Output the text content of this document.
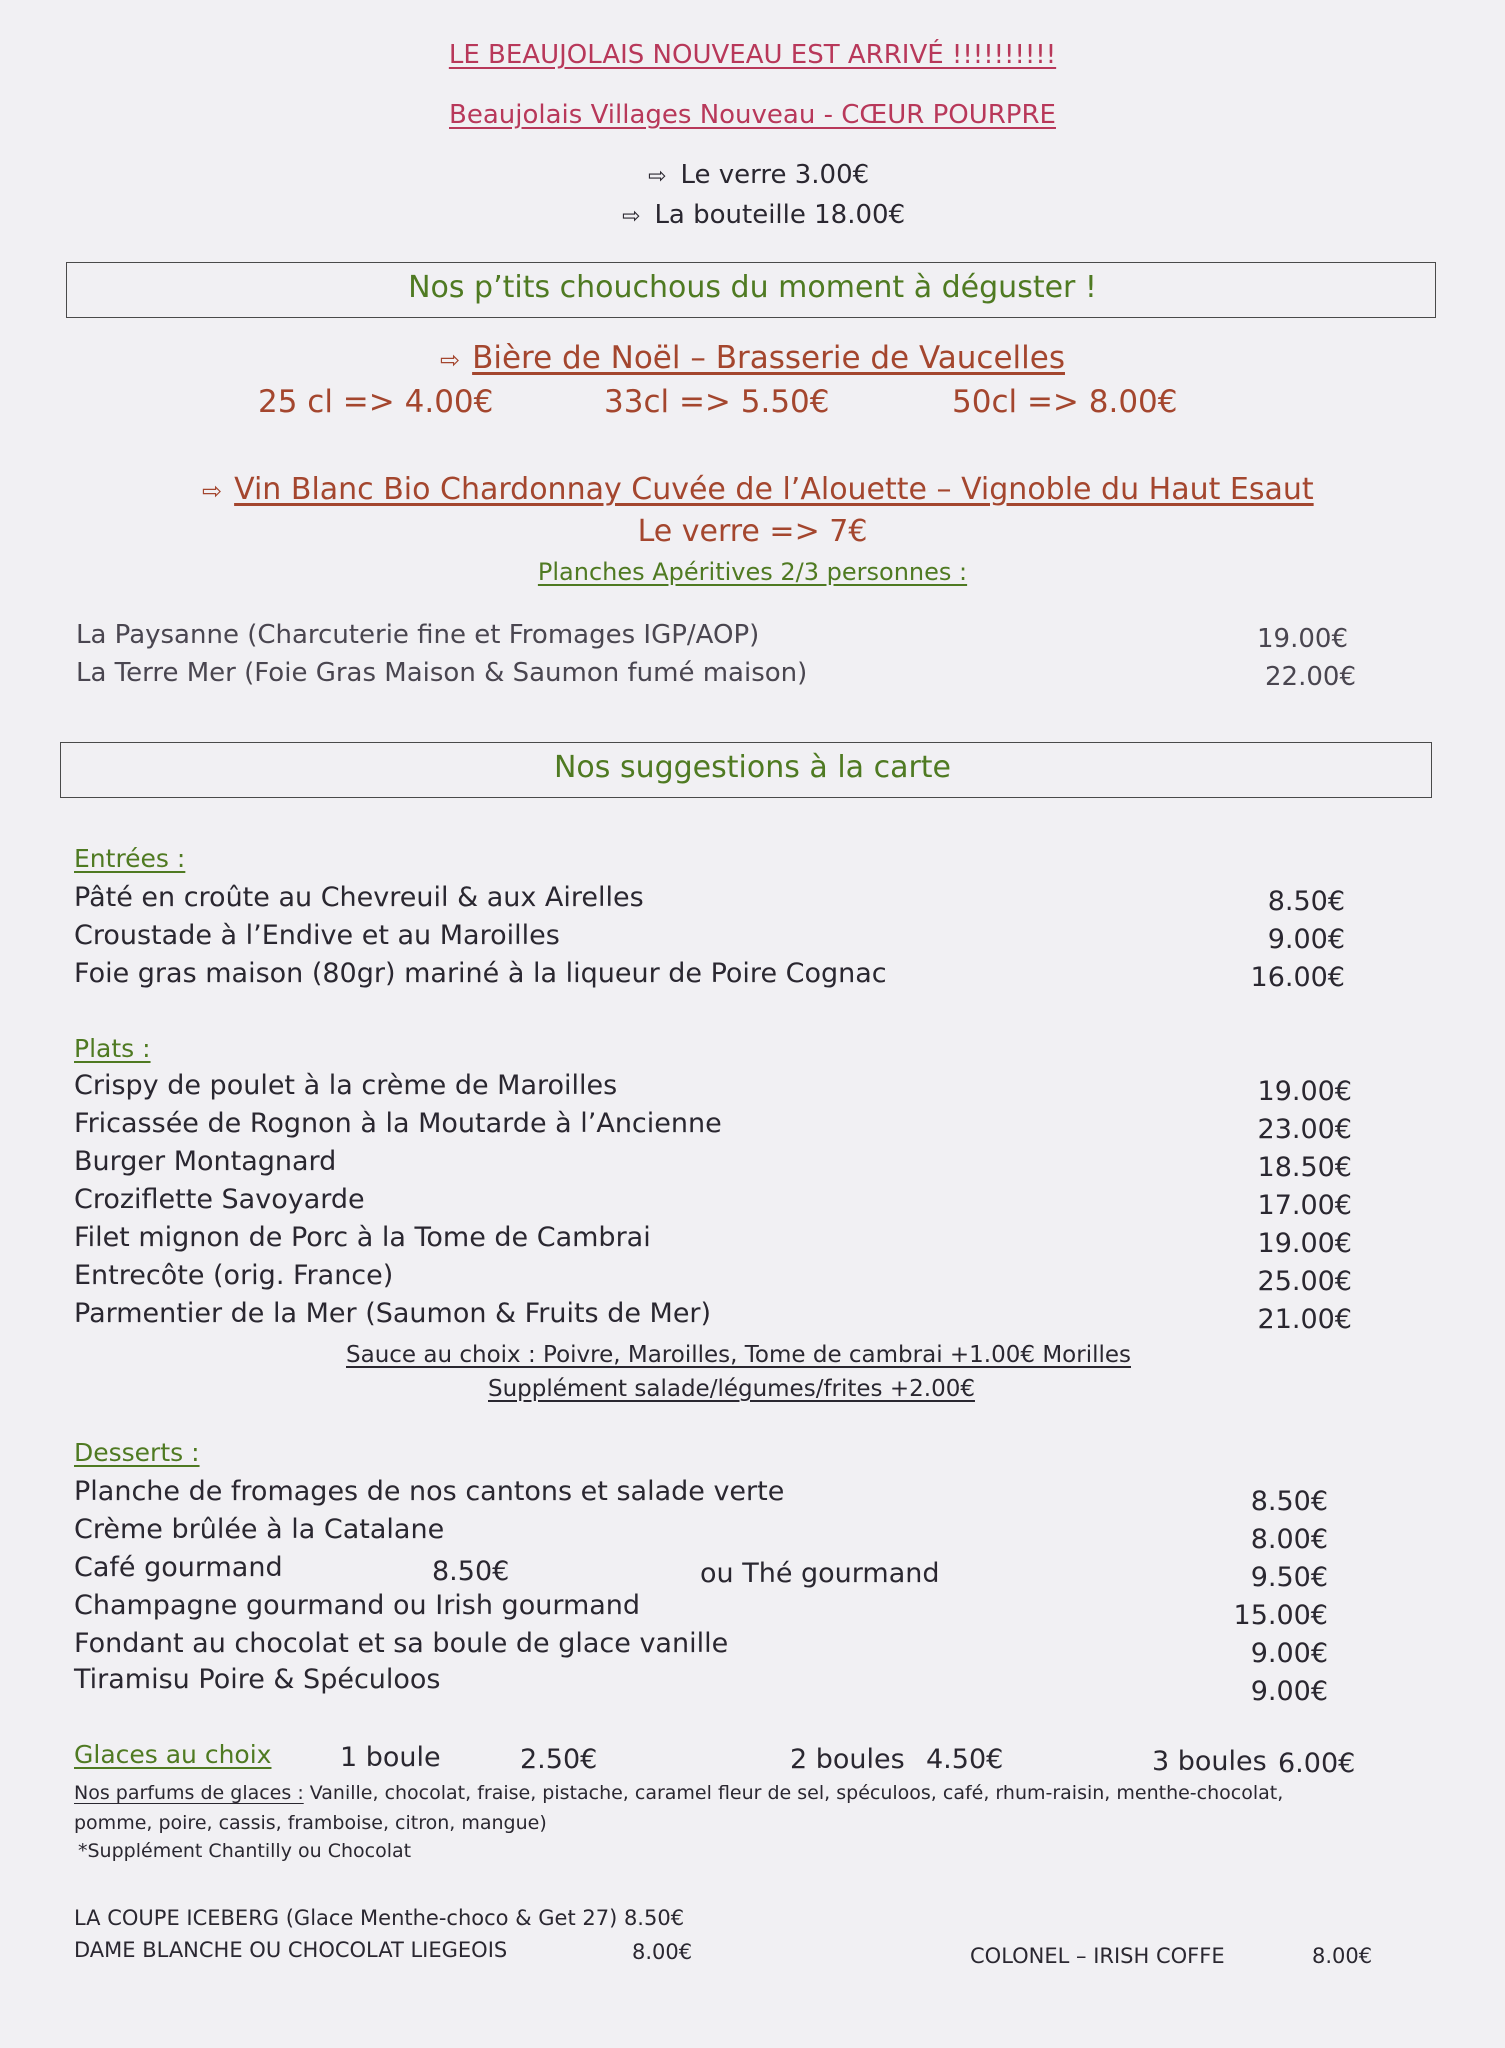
LE BEAUJOLAIS NOUVEAU EST ARRIVÉ !!!!!!!!!!
Beaujolais Villages Nouveau - CŒUR POURPRE
⇨ Le verre 3.00€
⇨ La bouteille 18.00€
Nos p’tits chouchous du moment à déguster !
⇨ Bière de Noël – Brasserie de Vaucelles
25 cl => 4.00€	33cl => 5.50€	50cl => 8.00€
⇨ Vin Blanc Bio Chardonnay Cuvée de l’Alouette – Vignoble du Haut Esaut
Le verre => 7€
Planches Apéritives 2/3 personnes :
La Paysanne (Charcuterie fine et Fromages IGP/AOP)	19.00€
La Terre Mer (Foie Gras Maison & Saumon fumé maison)	22.00€
Nos suggestions à la carte
Entrées :
Pâté en croûte au Chevreuil & aux Airelles	8.50€
Croustade à l’Endive et au Maroilles	9.00€
Foie gras maison (80gr) mariné à la liqueur de Poire Cognac	16.00€
Plats :
Crispy de poulet à la crème de Maroilles	19.00€
Fricassée de Rognon à la Moutarde à l’Ancienne	23.00€
Burger Montagnard	18.50€
Croziflette Savoyarde	17.00€
Filet mignon de Porc à la Tome de Cambrai	19.00€
Entrecôte (orig. France)	25.00€
Parmentier de la Mer (Saumon & Fruits de Mer)	21.00€
Sauce au choix : Poivre, Maroilles, Tome de cambrai +1.00€ Morilles
Supplément salade/légumes/frites +2.00€
Desserts :
Planche de fromages de nos cantons et salade verte	8.50€
Crème brûlée à la Catalane	8.00€
Café gourmand	8.50€	ou Thé gourmand	9.50€
Champagne gourmand ou Irish gourmand	15.00€
Fondant au chocolat et sa boule de glace vanille	9.00€
Tiramisu Poire & Spéculoos	9.00€
Glaces au choix	1 boule	2.50€	2 boules 4.50€	3 boules 6.00€
Nos parfums de glaces : Vanille, chocolat, fraise, pistache, caramel fleur de sel, spéculoos, café, rhum-raisin, menthe-chocolat,
pomme, poire, cassis, framboise, citron, mangue)
*Supplément Chantilly ou Chocolat
LA COUPE ICEBERG (Glace Menthe-choco & Get 27) 8.50€
DAME BLANCHE OU CHOCOLAT LIEGEOIS	8.00€	COLONEL – IRISH COFFE	8.00€
